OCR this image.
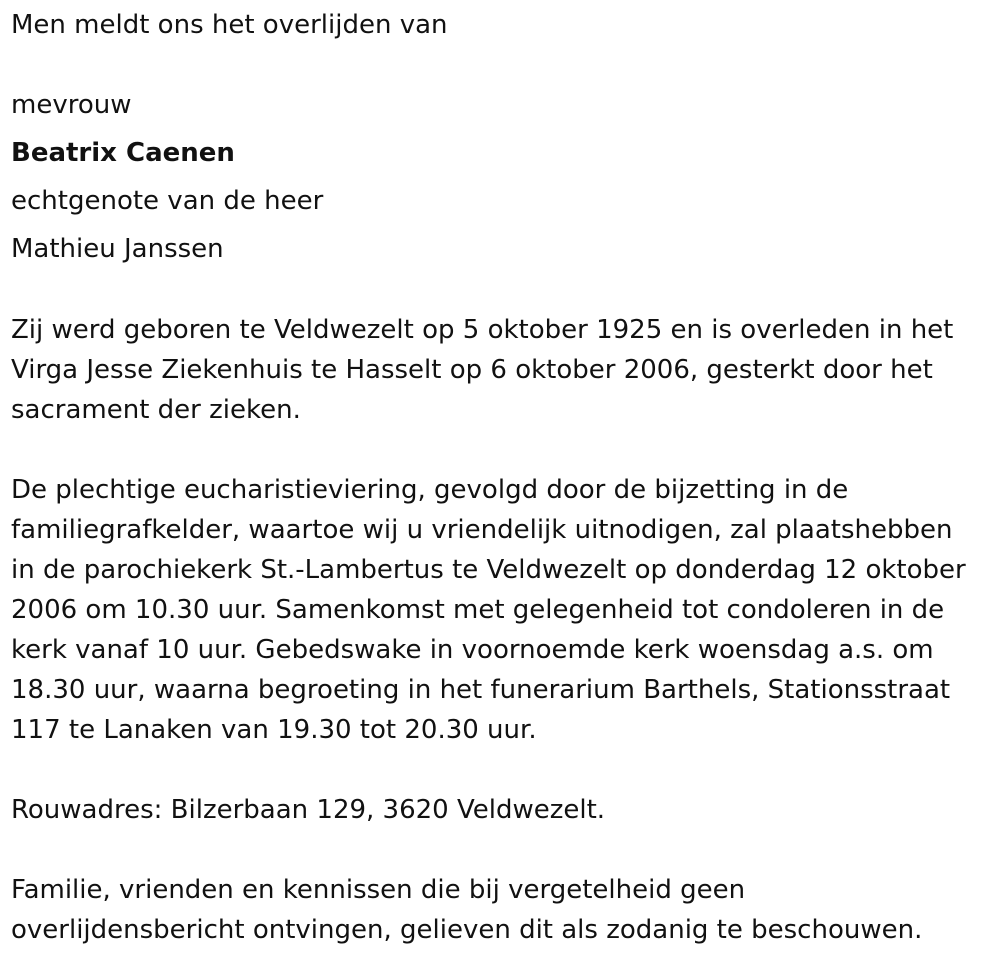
Men meldt ons het overlijden van
mevrouw
Beatrix Caenen
echtgenote van de heer
Mathieu Janssen
Zij werd geboren te Veldwezelt op 5 oktober 1925 en is overleden in het
Virga Jesse Ziekenhuis te Hasselt op 6 oktober 2006, gesterkt door het
sacrament der zieken.
De plechtige eucharistieviering, gevolgd door de bijzetting in de
familiegrafkelder, waartoe wij u vriendelijk uitnodigen, zal plaatshebben
in de parochiekerk St.-Lambertus te Veldwezelt op donderdag 12 oktober
2006 om 10.30 uur. Samenkomst met gelegenheid tot condoleren in de
kerk vanaf 10 uur. Gebedswake in voornoemde kerk woensdag a.s. om
18.30 uur, waarna begroeting in het funerarium Barthels, Stationsstraat
117 te Lanaken van 19.30 tot 20.30 uur.
Rouwadres: Bilzerbaan 129, 3620 Veldwezelt.
Familie, vrienden en kennissen die bij vergetelheid geen
overlijdensbericht ontvingen, gelieven dit als zodanig te beschouwen.
